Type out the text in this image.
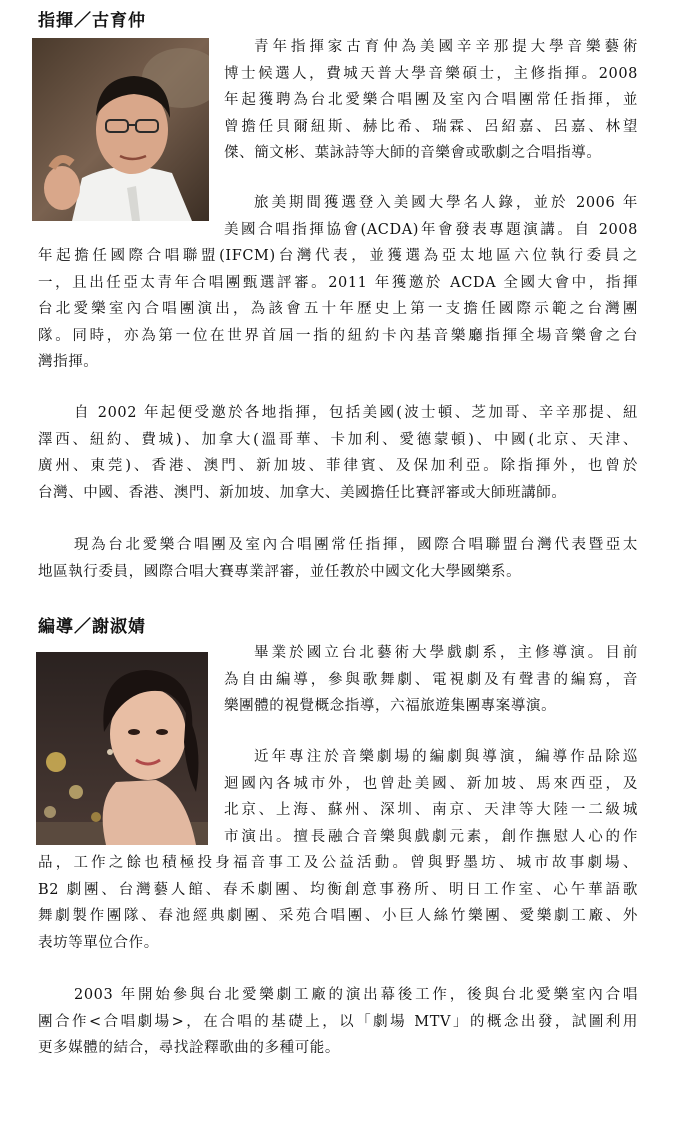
指揮／古育仲
青年指揮家古育仲為美國辛辛那提大學音樂藝術
博士候選人，費城天普大學音樂碩士，主修指揮。2008
年起獲聘為台北愛樂合唱團及室內合唱團常任指揮，並
曾擔任貝爾紐斯、赫比希、瑞霖、呂紹嘉、呂嘉、林望
傑、簡文彬、葉詠詩等大師的音樂會或歌劇之合唱指導。
旅美期間獲選登入美國大學名人錄，並於 2006 年
美國合唱指揮協會(ACDA)年會發表專題演講。自 2008
年起擔任國際合唱聯盟(IFCM)台灣代表，並獲選為亞太地區六位執行委員之
一，且出任亞太青年合唱團甄選評審。2011 年獲邀於 ACDA 全國大會中，指揮
台北愛樂室內合唱團演出，為該會五十年歷史上第一支擔任國際示範之台灣團
隊。同時，亦為第一位在世界首屆一指的紐約卡內基音樂廳指揮全場音樂會之台
灣指揮。
自 2002 年起便受邀於各地指揮，包括美國(波士頓、芝加哥、辛辛那提、紐
澤西、紐約、費城)、加拿大(溫哥華、卡加利、愛德蒙頓)、中國(北京、天津、
廣州、東莞)、香港、澳門、新加坡、菲律賓、及保加利亞。除指揮外，也曾於
台灣、中國、香港、澳門、新加坡、加拿大、美國擔任比賽評審或大師班講師。
現為台北愛樂合唱團及室內合唱團常任指揮，國際合唱聯盟台灣代表暨亞太
地區執行委員，國際合唱大賽專業評審，並任教於中國文化大學國樂系。
編導／謝淑婧
畢業於國立台北藝術大學戲劇系，主修導演。目前
為自由編導，參與歌舞劇、電視劇及有聲書的編寫，音
樂團體的視覺概念指導，六福旅遊集團專案導演。
近年專注於音樂劇場的編劇與導演，編導作品除巡
迴國內各城市外，也曾赴美國、新加坡、馬來西亞，及
北京、上海、蘇州、深圳、南京、天津等大陸一二級城
市演出。擅長融合音樂與戲劇元素，創作撫慰人心的作
品，工作之餘也積極投身福音事工及公益活動。曾與野墨坊、城市故事劇場、
B2 劇團、台灣藝人館、春禾劇團、均衡創意事務所、明日工作室、心午華語歌
舞劇製作團隊、春池經典劇團、采苑合唱團、小巨人絲竹樂團、愛樂劇工廠、外
表坊等單位合作。
2003 年開始參與台北愛樂劇工廠的演出幕後工作，後與台北愛樂室內合唱
團合作<合唱劇場>，在合唱的基礎上，以「劇場 MTV」的概念出發，試圖利用
更多媒體的結合，尋找詮釋歌曲的多種可能。
